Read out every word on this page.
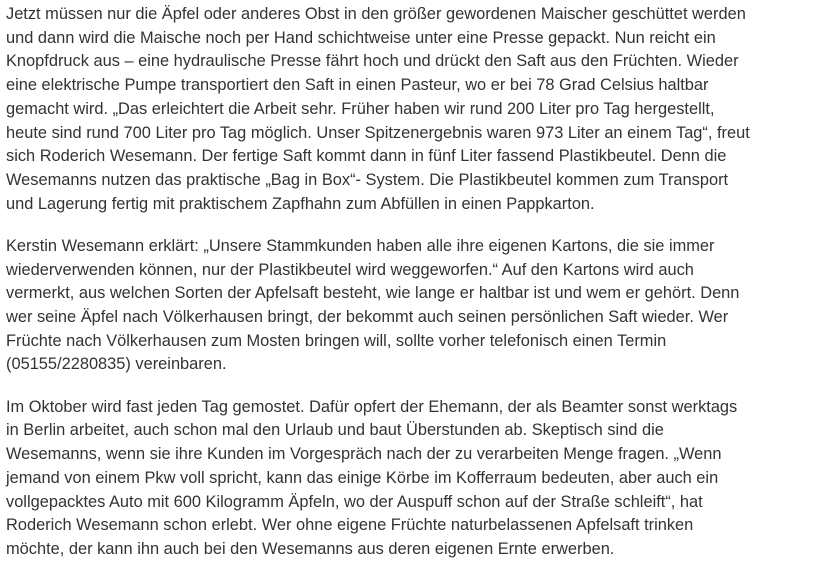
Jetzt müssen nur die Äpfel oder anderes Obst in den größer gewordenen Maischer geschüttet werden

und dann wird die Maische noch per Hand schichtweise unter eine Presse gepackt. Nun reicht ein

Knopfdruck aus – eine hydraulische Presse fährt hoch und drückt den Saft aus den Früchten. Wieder

eine elektrische Pumpe transportiert den Saft in einen Pasteur, wo er bei 78 Grad Celsius haltbar

gemacht wird. „Das erleichtert die Arbeit sehr. Früher haben wir rund 200 Liter pro Tag hergestellt,

heute sind rund 700 Liter pro Tag möglich. Unser Spitzenergebnis waren 973 Liter an einem Tag“, freut

sich Roderich Wesemann. Der fertige Saft kommt dann in fünf Liter fassend Plastikbeutel. Denn die

Wesemanns nutzen das praktische „Bag in Box“- System. Die Plastikbeutel kommen zum Transport

und Lagerung fertig mit praktischem Zapfhahn zum Abfüllen in einen Pappkarton.

Kerstin Wesemann erklärt: „Unsere Stammkunden haben alle ihre eigenen Kartons, die sie immer

wiederverwenden können, nur der Plastikbeutel wird weggeworfen.“ Auf den Kartons wird auch

vermerkt, aus welchen Sorten der Apfelsaft besteht, wie lange er haltbar ist und wem er gehört. Denn

wer seine Äpfel nach Völkerhausen bringt, der bekommt auch seinen persönlichen Saft wieder. Wer

Früchte nach Völkerhausen zum Mosten bringen will, sollte vorher telefonisch einen Termin

(05155/2280835) vereinbaren.

Im Oktober wird fast jeden Tag gemostet. Dafür opfert der Ehemann, der als Beamter sonst werktags

in Berlin arbeitet, auch schon mal den Urlaub und baut Überstunden ab. Skeptisch sind die

Wesemanns, wenn sie ihre Kunden im Vorgespräch nach der zu verarbeiten Menge fragen. „Wenn

jemand von einem Pkw voll spricht, kann das einige Körbe im Kofferraum bedeuten, aber auch ein

vollgepacktes Auto mit 600 Kilogramm Äpfeln, wo der Auspuff schon auf der Straße schleift“, hat

Roderich Wesemann schon erlebt. Wer ohne eigene Früchte naturbelassenen Apfelsaft trinken

möchte, der kann ihn auch bei den Wesemanns aus deren eigenen Ernte erwerben.
